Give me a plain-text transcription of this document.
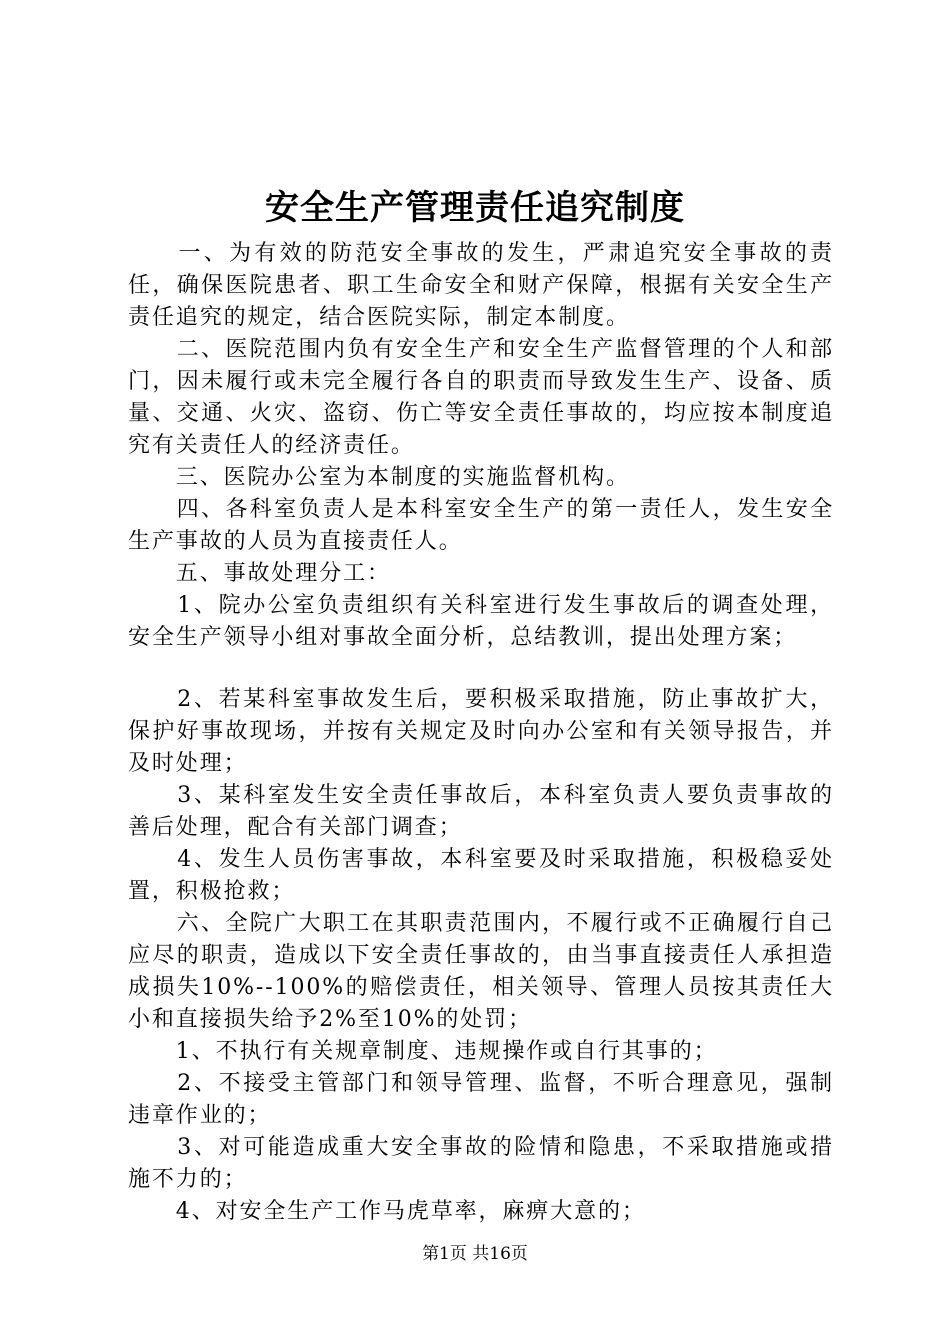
安全生产管理责任追究制度

　　一、为有效的防范安全事故的发生，严肃追究安全事故的责任，确保医院患者、职工生命安全和财产保障，根据有关安全生产责任追究的规定，结合医院实际，制定本制度。

　　二、医院范围内负有安全生产和安全生产监督管理的个人和部门，因未履行或未完全履行各自的职责而导致发生生产、设备、质量、交通、火灾、盗窃、伤亡等安全责任事故的，均应按本制度追究有关责任人的经济责任。

　　三、医院办公室为本制度的实施监督机构。

　　四、各科室负责人是本科室安全生产的第一责任人，发生安全生产事故的人员为直接责任人。

　　五、事故处理分工：

　　1、院办公室负责组织有关科室进行发生事故后的调查处理，安全生产领导小组对事故全面分析，总结教训，提出处理方案；

　　2、若某科室事故发生后，要积极采取措施，防止事故扩大，保护好事故现场，并按有关规定及时向办公室和有关领导报告，并及时处理；

　　3、某科室发生安全责任事故后，本科室负责人要负责事故的善后处理，配合有关部门调查；

　　4、发生人员伤害事故，本科室要及时采取措施，积极稳妥处置，积极抢救；

　　六、全院广大职工在其职责范围内，不履行或不正确履行自己应尽的职责，造成以下安全责任事故的，由当事直接责任人承担造成损失10%--100%的赔偿责任，相关领导、管理人员按其责任大小和直接损失给予2%至10%的处罚；

　　1、不执行有关规章制度、违规操作或自行其事的；

　　2、不接受主管部门和领导管理、监督，不听合理意见，强制违章作业的；

　　3、对可能造成重大安全事故的险情和隐患，不采取措施或措施不力的；

　　4、对安全生产工作马虎草率，麻痹大意的；

第1页 共16页
